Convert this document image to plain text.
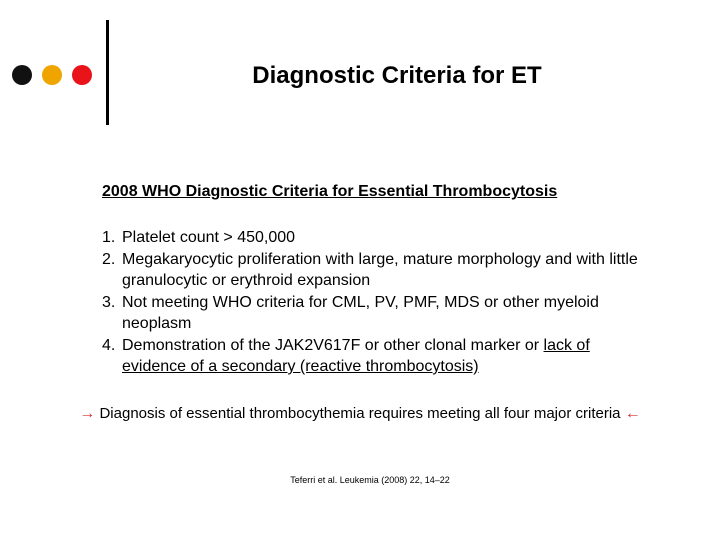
Diagnostic Criteria for ET
2008 WHO Diagnostic Criteria for Essential Thrombocytosis
1. Platelet count > 450,000
2. Megakaryocytic proliferation with large, mature morphology and with little granulocytic or erythroid expansion
3. Not meeting WHO criteria for CML, PV, PMF, MDS or other myeloid neoplasm
4. Demonstration of the JAK2V617F or other clonal marker or lack of evidence of a secondary (reactive thrombocytosis)
→ Diagnosis of essential thrombocythemia requires meeting all four major criteria ←
Teferri et al. Leukemia (2008) 22, 14–22
